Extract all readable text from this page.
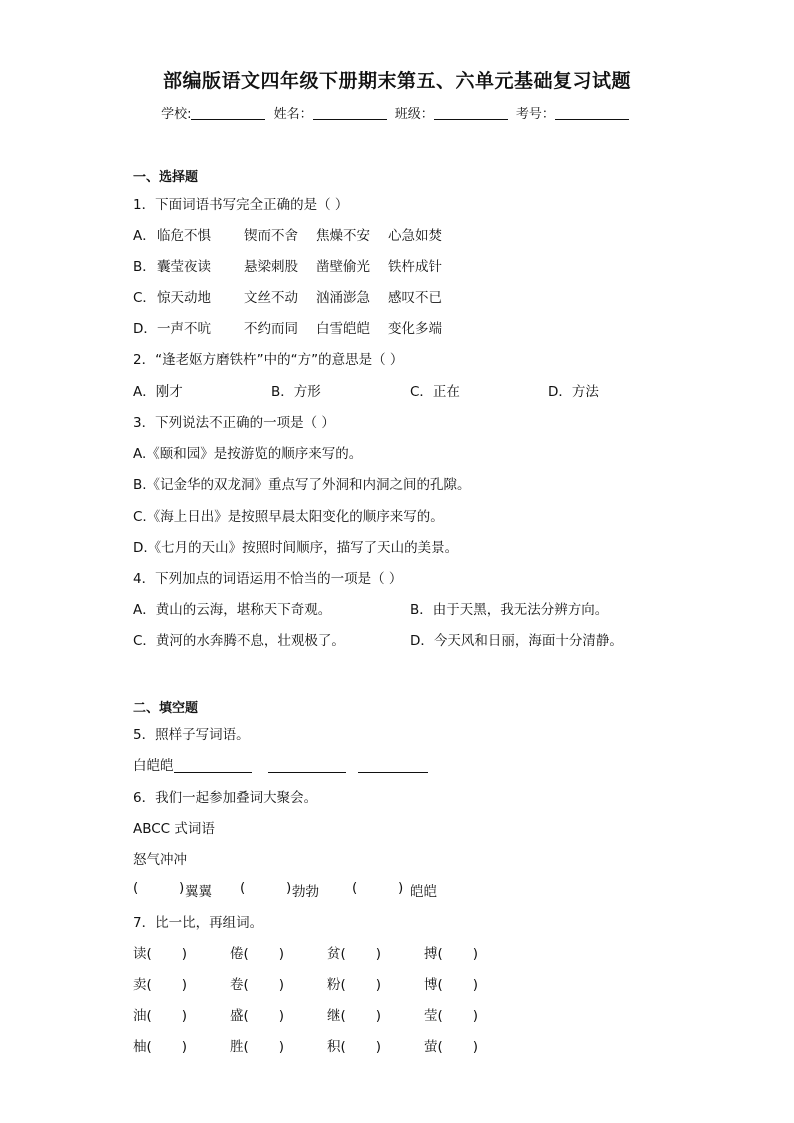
部编版语文四年级下册期末第五、六单元基础复习试题
学校:	姓名：	班级：	考号：
一、选择题
1．下面词语书写完全正确的是（ ）
A． 临危不惧 锲而不舍 焦燥不安 心急如焚
B． 囊莹夜读 悬梁刺股 凿壁偷光 铁杵成针
C． 惊天动地 文丝不动 汹涌澎急 感叹不已
D． 一声不吭 不约而同 白雪皑皑 变化多端
2．“逢老妪方磨铁杵”中的“方”的意思是（ ）
A．刚才	B．方形	C．正在	D．方法
3．下列说法不正确的一项是（ ）
A.《颐和园》是按游览的顺序来写的。
B.《记金华的双龙洞》重点写了外洞和内洞之间的孔隙。
C.《海上日出》是按照早晨太阳变化的顺序来写的。
D.《七月的天山》按照时间顺序，描写了天山的美景。
4．下列加点的词语运用不恰当的一项是（ ）
A．黄山的云海，堪称天下奇观。	B．由于天黑，我无法分辨方向。
C．黄河的水奔腾不息，壮观极了。	D．今天风和日丽，海面十分清静。
二、填空题
5．照样子写词语。
白皑皑
6．我们一起参加叠词大聚会。
ABCC 式词语
怒气冲冲
(	) 翼翼 (	) 勃勃 (	) 皑皑
7．比一比，再组词。
读( )	倦( )	贫( )	搏( )
卖( )	卷( )	粉( )	博( )
油( )	盛( )	继( )	莹( )
柚( )	胜( )	积( )	萤( )
